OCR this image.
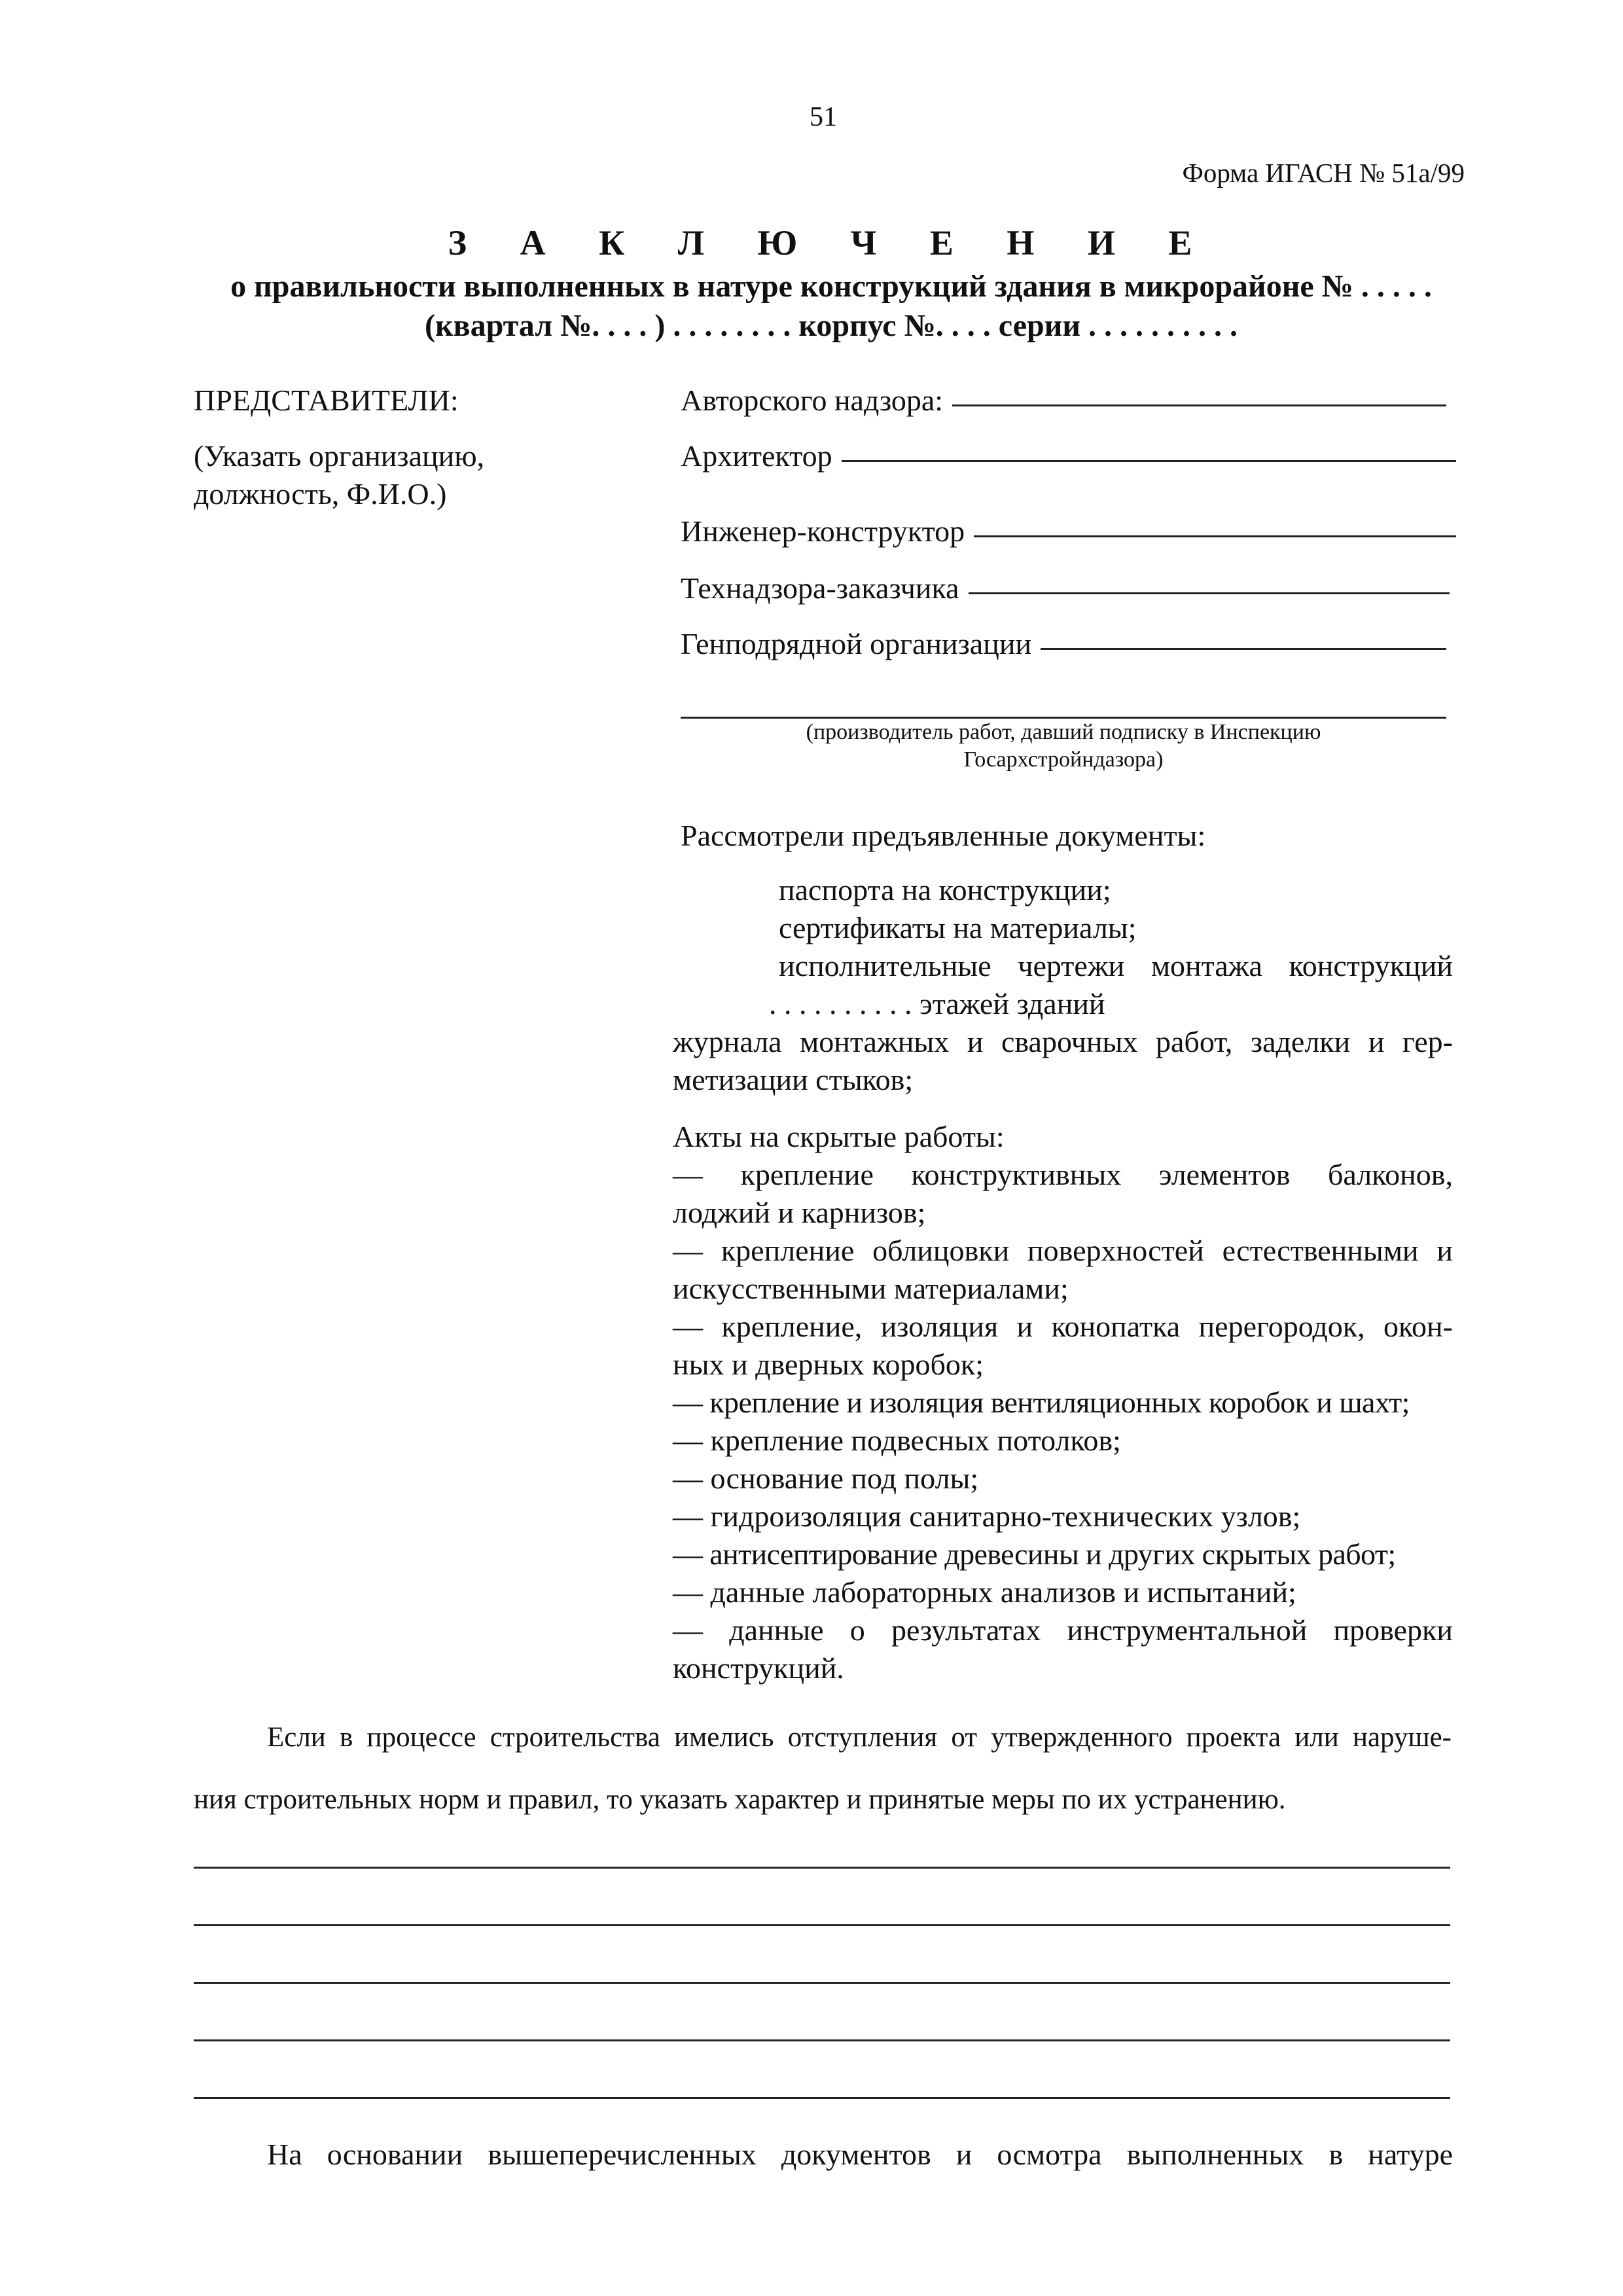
51
Форма ИГАСН № 51а/99
З А К Л Ю Ч Е Н И Е
о правильности выполненных в натуре конструкций здания в микрорайоне № . . . . .
(квартал №. . . . ) . . . . . . . . корпус №. . . . серии . . . . . . . . . .
ПРЕДСТАВИТЕЛИ:
(Указать организацию,
должность, Ф.И.О.)
Авторского надзора:
Архитектор
Инженер-конструктор
Технадзора-заказчика
Генподрядной организации
(производитель работ, давший подписку в Инспекцию
Госархстройндазора)
Рассмотрели предъявленные документы:
паспорта на конструкции;
сертификаты на материалы;
исполнительные чертежи монтажа конструкций
. . . . . . . . . . этажей зданий
журнала монтажных и сварочных работ, заделки и гер-
метизации стыков;
Акты на скрытые работы:
— крепление конструктивных элементов балконов,
лоджий и карнизов;
— крепление облицовки поверхностей естественными и
искусственными материалами;
— крепление, изоляция и конопатка перегородок, окон-
ных и дверных коробок;
— крепление и изоляция вентиляционных коробок и шахт;
— крепление подвесных потолков;
— основание под полы;
— гидроизоляция санитарно-технических узлов;
— антисептирование древесины и других скрытых работ;
— данные лабораторных анализов и испытаний;
— данные о результатах инструментальной проверки
конструкций.
Если в процессе строительства имелись отступления от утвержденного проекта или наруше-
ния строительных норм и правил, то указать характер и принятые меры по их устранению.
На основании вышеперечисленных документов и осмотра выполненных в натуре
